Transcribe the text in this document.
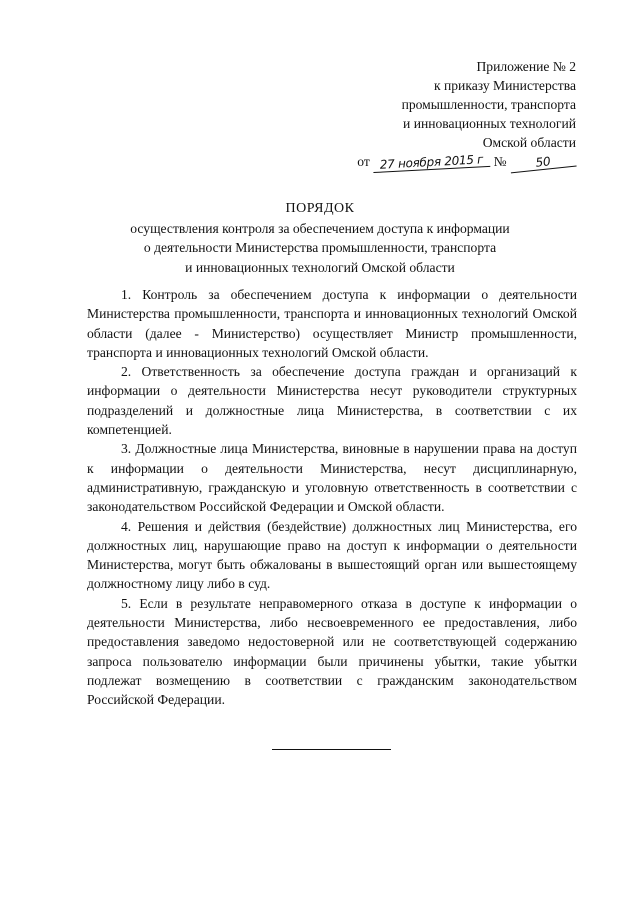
Приложение № 2
к приказу Министерства
промышленности, транспорта
и инновационных технологий
Омской области
от 27 ноября 2015 г № 50
ПОРЯДОК
осуществления контроля за обеспечением доступа к информации
о деятельности Министерства промышленности, транспорта
и инновационных технологий Омской области

1. Контроль за обеспечением доступа к информации о деятельности Министерства промышленности, транспорта и инновационных технологий Омской области (далее - Министерство) осуществляет Министр промышленности, транспорта и инновационных технологий Омской области.

2. Ответственность за обеспечение доступа граждан и организаций к информации о деятельности Министерства несут руководители структурных подразделений и должностные лица Министерства, в соответствии с их компетенцией.

3. Должностные лица Министерства, виновные в нарушении права на доступ к информации о деятельности Министерства, несут дисциплинарную, административную, гражданскую и уголовную ответственность в соответствии с законодательством Российской Федерации и Омской области.

4. Решения и действия (бездействие) должностных лиц Министерства, его должностных лиц, нарушающие право на доступ к информации о деятельности Министерства, могут быть обжалованы в вышестоящий орган или вышестоящему должностному лицу либо в суд.

5. Если в результате неправомерного отказа в доступе к информации о деятельности Министерства, либо несвоевременного ее предоставления, либо предоставления заведомо недостоверной или не соответствующей содержанию запроса пользователю информации были причинены убытки, такие убытки подлежат возмещению в соответствии с гражданским законодательством Российской Федерации.
